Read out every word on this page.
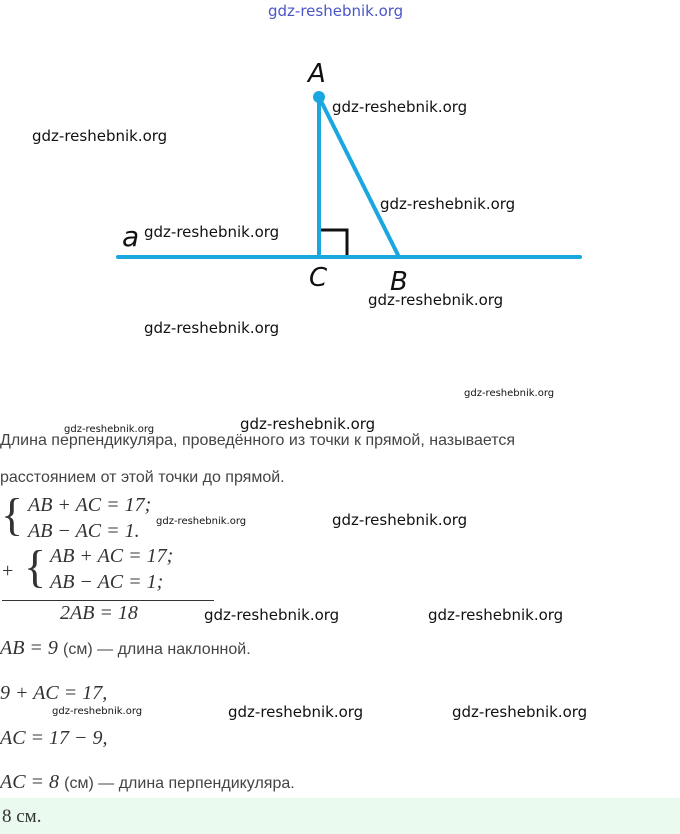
gdz-reshebnik.org
A
a
C B
gdz-reshebnik.org
gdz-reshebnik.org
gdz-reshebnik.org
gdz-reshebnik.org
gdz-reshebnik.org
gdz-reshebnik.org
gdz-reshebnik.org
Длина перпендикуляра, проведённого из точки к прямой, называется
расстоянием от этой точки до прямой.
gdz-reshebnik.org	gdz-reshebnik.org
{ AB + AC = 17;
AB − AC = 1. gdz-reshebnik.org	gdz-reshebnik.org
+ { AB + AC = 17;
AB − AC = 1;
2AB = 18	gdz-reshebnik.org	gdz-reshebnik.org
AB = 9 (см) — длина наклонной.
9 + AC = 17,
gdz-reshebnik.org	gdz-reshebnik.org	gdz-reshebnik.org
AC = 17 − 9,
AC = 8 (см) — длина перпендикуляра.
8 см.
